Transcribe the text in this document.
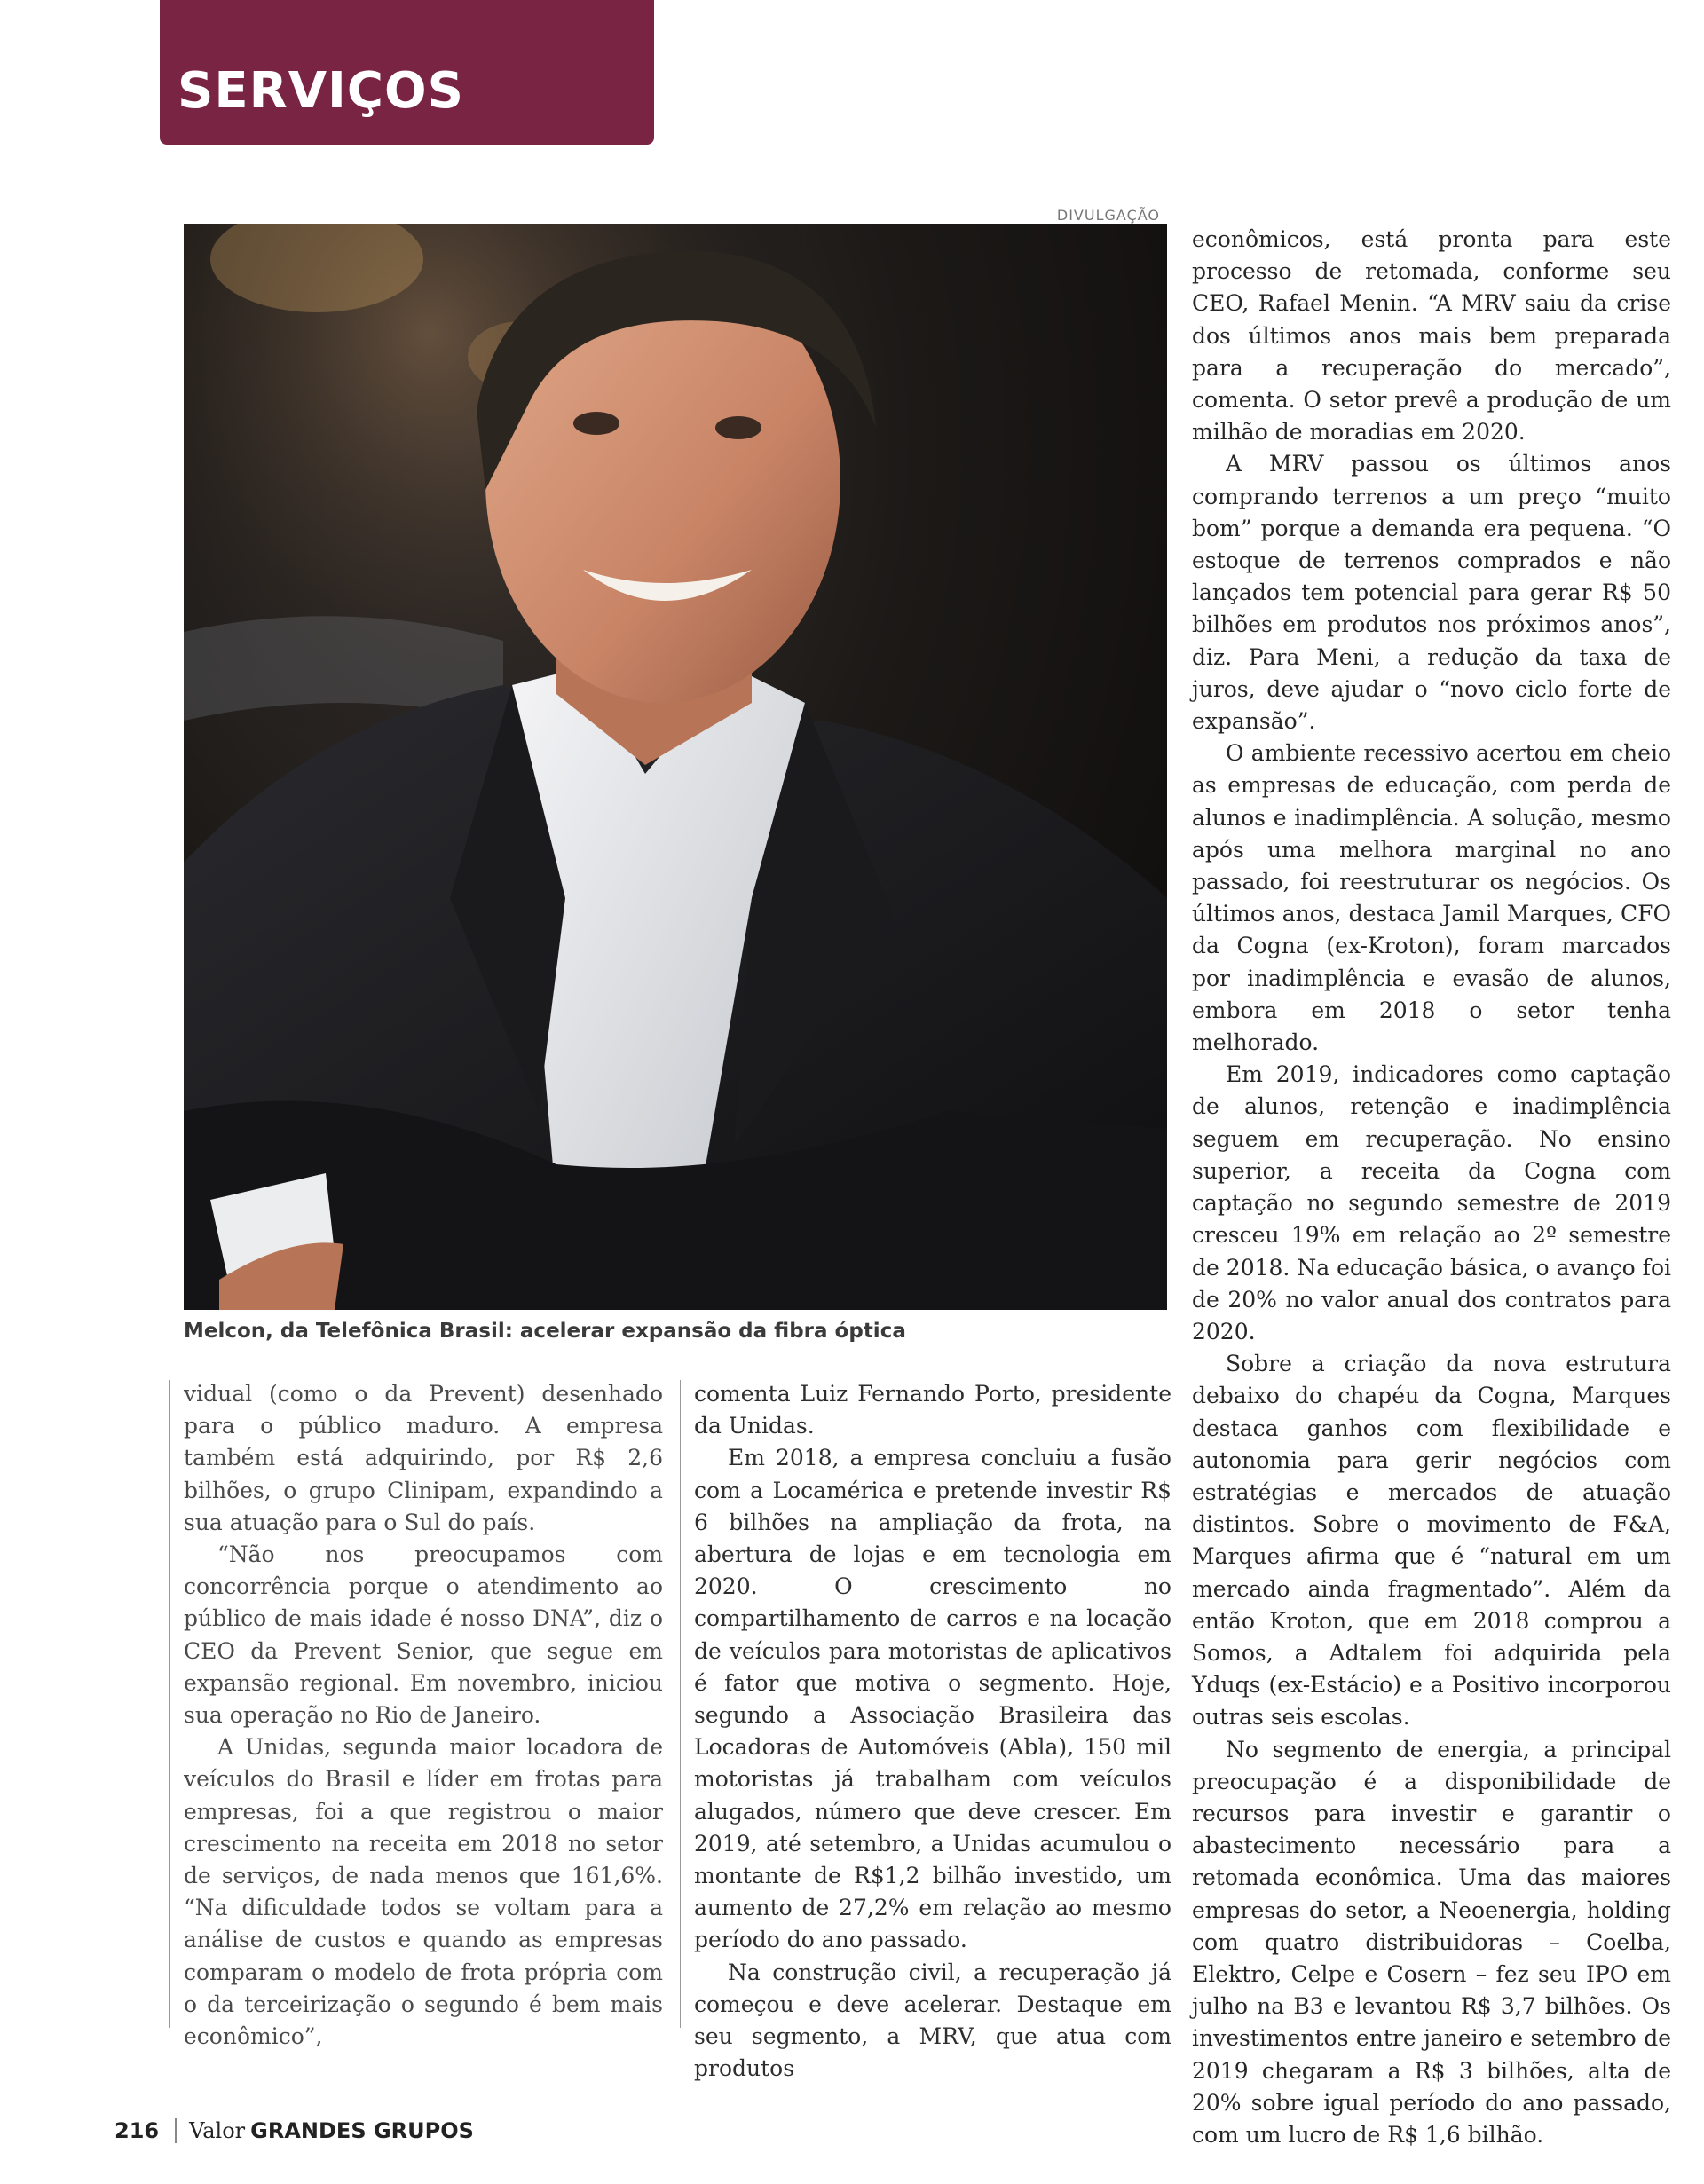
SERVIÇOS
DIVULGAÇÃO
Melcon, da Telefônica Brasil: acelerar expansão da fibra óptica

vidual (como o da Prevent) desenhado para o público maduro. A empresa também está adquirindo, por R$ 2,6 bilhões, o grupo Clinipam, expandindo a sua atuação para o Sul do país.

“Não nos preocupamos com concorrência porque o atendimento ao público de mais idade é nosso DNA”, diz o CEO da Prevent Senior, que segue em expansão regional. Em novembro, iniciou sua operação no Rio de Janeiro.

A Unidas, segunda maior locadora de veículos do Brasil e líder em frotas para empresas, foi a que registrou o maior crescimento na receita em 2018 no setor de serviços, de nada menos que 161,6%. “Na dificuldade todos se voltam para a análise de custos e quando as empresas comparam o modelo de frota própria com o da terceirização o segundo é bem mais econômico”,

comenta Luiz Fernando Porto, presidente da Unidas.

Em 2018, a empresa concluiu a fusão com a Locamérica e pretende investir R$ 6 bilhões na ampliação da frota, na abertura de lojas e em tecnologia em 2020. O crescimento no compartilhamento de carros e na locação de veículos para motoristas de aplicativos é fator que motiva o segmento. Hoje, segundo a Associação Brasileira das Locadoras de Automóveis (Abla), 150 mil motoristas já trabalham com veículos alugados, número que deve crescer. Em 2019, até setembro, a Unidas acumulou o montante de R$1,2 bilhão investido, um aumento de 27,2% em relação ao mesmo período do ano passado.

Na construção civil, a recuperação já começou e deve acelerar. Destaque em seu segmento, a MRV, que atua com produtos

econômicos, está pronta para este processo de retomada, conforme seu CEO, Rafael Menin. “A MRV saiu da crise dos últimos anos mais bem preparada para a recuperação do mercado”, comenta. O setor prevê a produção de um milhão de moradias em 2020.

A MRV passou os últimos anos comprando terrenos a um preço “muito bom” porque a demanda era pequena. “O estoque de terrenos comprados e não lançados tem potencial para gerar R$ 50 bilhões em produtos nos próximos anos”, diz. Para Meni, a redução da taxa de juros, deve ajudar o “novo ciclo forte de expansão”.

O ambiente recessivo acertou em cheio as empresas de educação, com perda de alunos e inadimplência. A solução, mesmo após uma melhora marginal no ano passado, foi reestruturar os negócios. Os últimos anos, destaca Jamil Marques, CFO da Cogna (ex-Kroton), foram marcados por inadimplência e evasão de alunos, embora em 2018 o setor tenha melhorado.

Em 2019, indicadores como captação de alunos, retenção e inadimplência seguem em recuperação. No ensino superior, a receita da Cogna com captação no segundo semestre de 2019 cresceu 19% em relação ao 2º semestre de 2018. Na educação básica, o avanço foi de 20% no valor anual dos contratos para 2020.

Sobre a criação da nova estrutura debaixo do chapéu da Cogna, Marques destaca ganhos com flexibilidade e autonomia para gerir negócios com estratégias e mercados de atuação distintos. Sobre o movimento de F&A, Marques afirma que é “natural em um mercado ainda fragmentado”. Além da então Kroton, que em 2018 comprou a Somos, a Adtalem foi adquirida pela Yduqs (ex-Estácio) e a Positivo incorporou outras seis escolas.

No segmento de energia, a principal preocupação é a disponibilidade de recursos para investir e garantir o abastecimento necessário para a retomada econômica. Uma das maiores empresas do setor, a Neoenergia, holding com quatro distribuidoras – Coelba, Elektro, Celpe e Cosern – fez seu IPO em julho na B3 e levantou R$ 3,7 bilhões. Os investimentos entre janeiro e setembro de 2019 chegaram a R$ 3 bilhões, alta de 20% sobre igual período do ano passado, com um lucro de R$ 1,6 bilhão.

216 Valor GRANDES GRUPOS
